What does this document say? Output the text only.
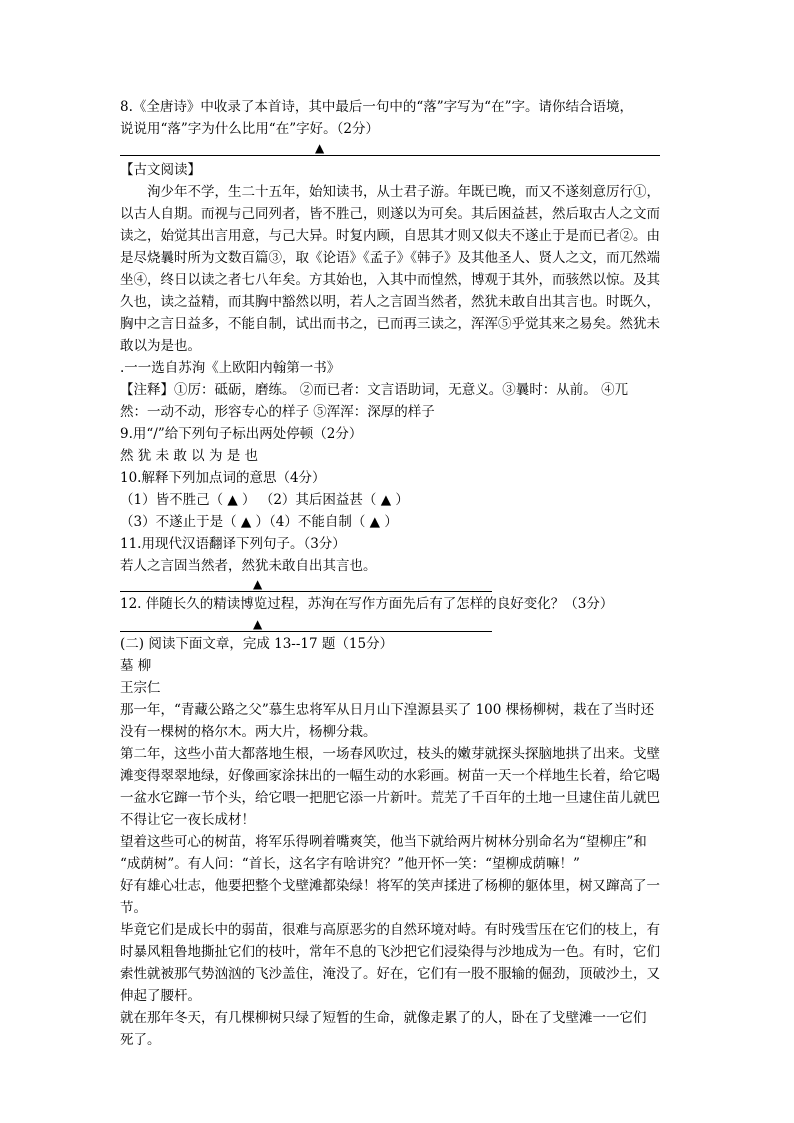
8.《全唐诗》中收录了本首诗，其中最后一句中的“落”字写为“在”字。请你结合语境，
说说用“落”字为什么比用“在”字好。（2分）
▲
【古文阅读】
洵少年不学，生二十五年，始知读书，从士君子游。年既已晚，而又不遂刻意厉行①，
以古人自期。而视与己同列者，皆不胜己，则遂以为可矣。其后困益甚，然后取古人之文而
读之，始觉其出言用意，与己大异。时复内顾，自思其才则又似夫不遂止于是而已者②。由
是尽烧曩时所为文数百篇③，取《论语》《孟子》《韩子》及其他圣人、贤人之文，而兀然端
坐④，终日以读之者七八年矣。方其始也，入其中而惶然，博观于其外，而骇然以惊。及其
久也，读之益精，而其胸中豁然以明，若人之言固当然者，然犹未敢自出其言也。时既久，
胸中之言日益多，不能自制，试出而书之，已而再三读之，浑浑⑤乎觉其来之易矣。然犹未
敢以为是也。
.一一选自苏洵《上欧阳内翰第一书》
【注释】①厉：砥砺，磨练。 ②而已者：文言语助词，无意义。③曩时：从前。 ④兀
然：一动不动，形容专心的样子 ⑤浑浑：深厚的样子
9.用“/”给下列句子标出两处停顿（2分）
然 犹 未 敢 以 为 是 也
10.解释下列加点词的意思（4分）
（1）皆不胜己（ ▲ ） （2）其后困益甚（ ▲ ）
（3）不遂止于是（ ▲ ）（4）不能自制（ ▲ ）
11.用现代汉语翻译下列句子。（3分）
若人之言固当然者，然犹未敢自出其言也。
▲
12. 伴随长久的精读博览过程，苏洵在写作方面先后有了怎样的良好变化？（3分）
▲
(二) 阅读下面文章，完成 13--17 题（15分）
墓 柳
王宗仁
那一年，“青藏公路之父”慕生忠将军从日月山下湟源县买了 100 棵杨柳树，栽在了当时还
没有一棵树的格尔木。两大片，杨柳分栽。
第二年，这些小苗大都落地生根，一场春风吹过，枝头的嫩芽就探头探脑地拱了出来。戈壁
滩变得翠翠地绿，好像画家涂抹出的一幅生动的水彩画。树苗一天一个样地生长着，给它喝
一盆水它蹿一节个头，给它喂一把肥它添一片新叶。荒芜了千百年的土地一旦逮住苗儿就巴
不得让它一夜长成材！
望着这些可心的树苗，将军乐得咧着嘴爽笑，他当下就给两片树林分别命名为“望柳庄”和
“成荫树”。有人问：“首长，这名字有啥讲究？”他开怀一笑：“望柳成荫嘛！”
好有雄心壮志，他要把整个戈壁滩都染绿！将军的笑声揉进了杨柳的躯体里，树又蹿高了一
节。
毕竟它们是成长中的弱苗，很难与高原恶劣的自然环境对峙。有时残雪压在它们的枝上，有
时暴风粗鲁地撕扯它们的枝叶，常年不息的飞沙把它们浸染得与沙地成为一色。有时，它们
索性就被那气势汹汹的飞沙盖住，淹没了。好在，它们有一股不服输的倔劲，顶破沙土，又
伸起了腰杆。
就在那年冬天，有几棵柳树只绿了短暂的生命，就像走累了的人，卧在了戈壁滩一一它们
死了。
